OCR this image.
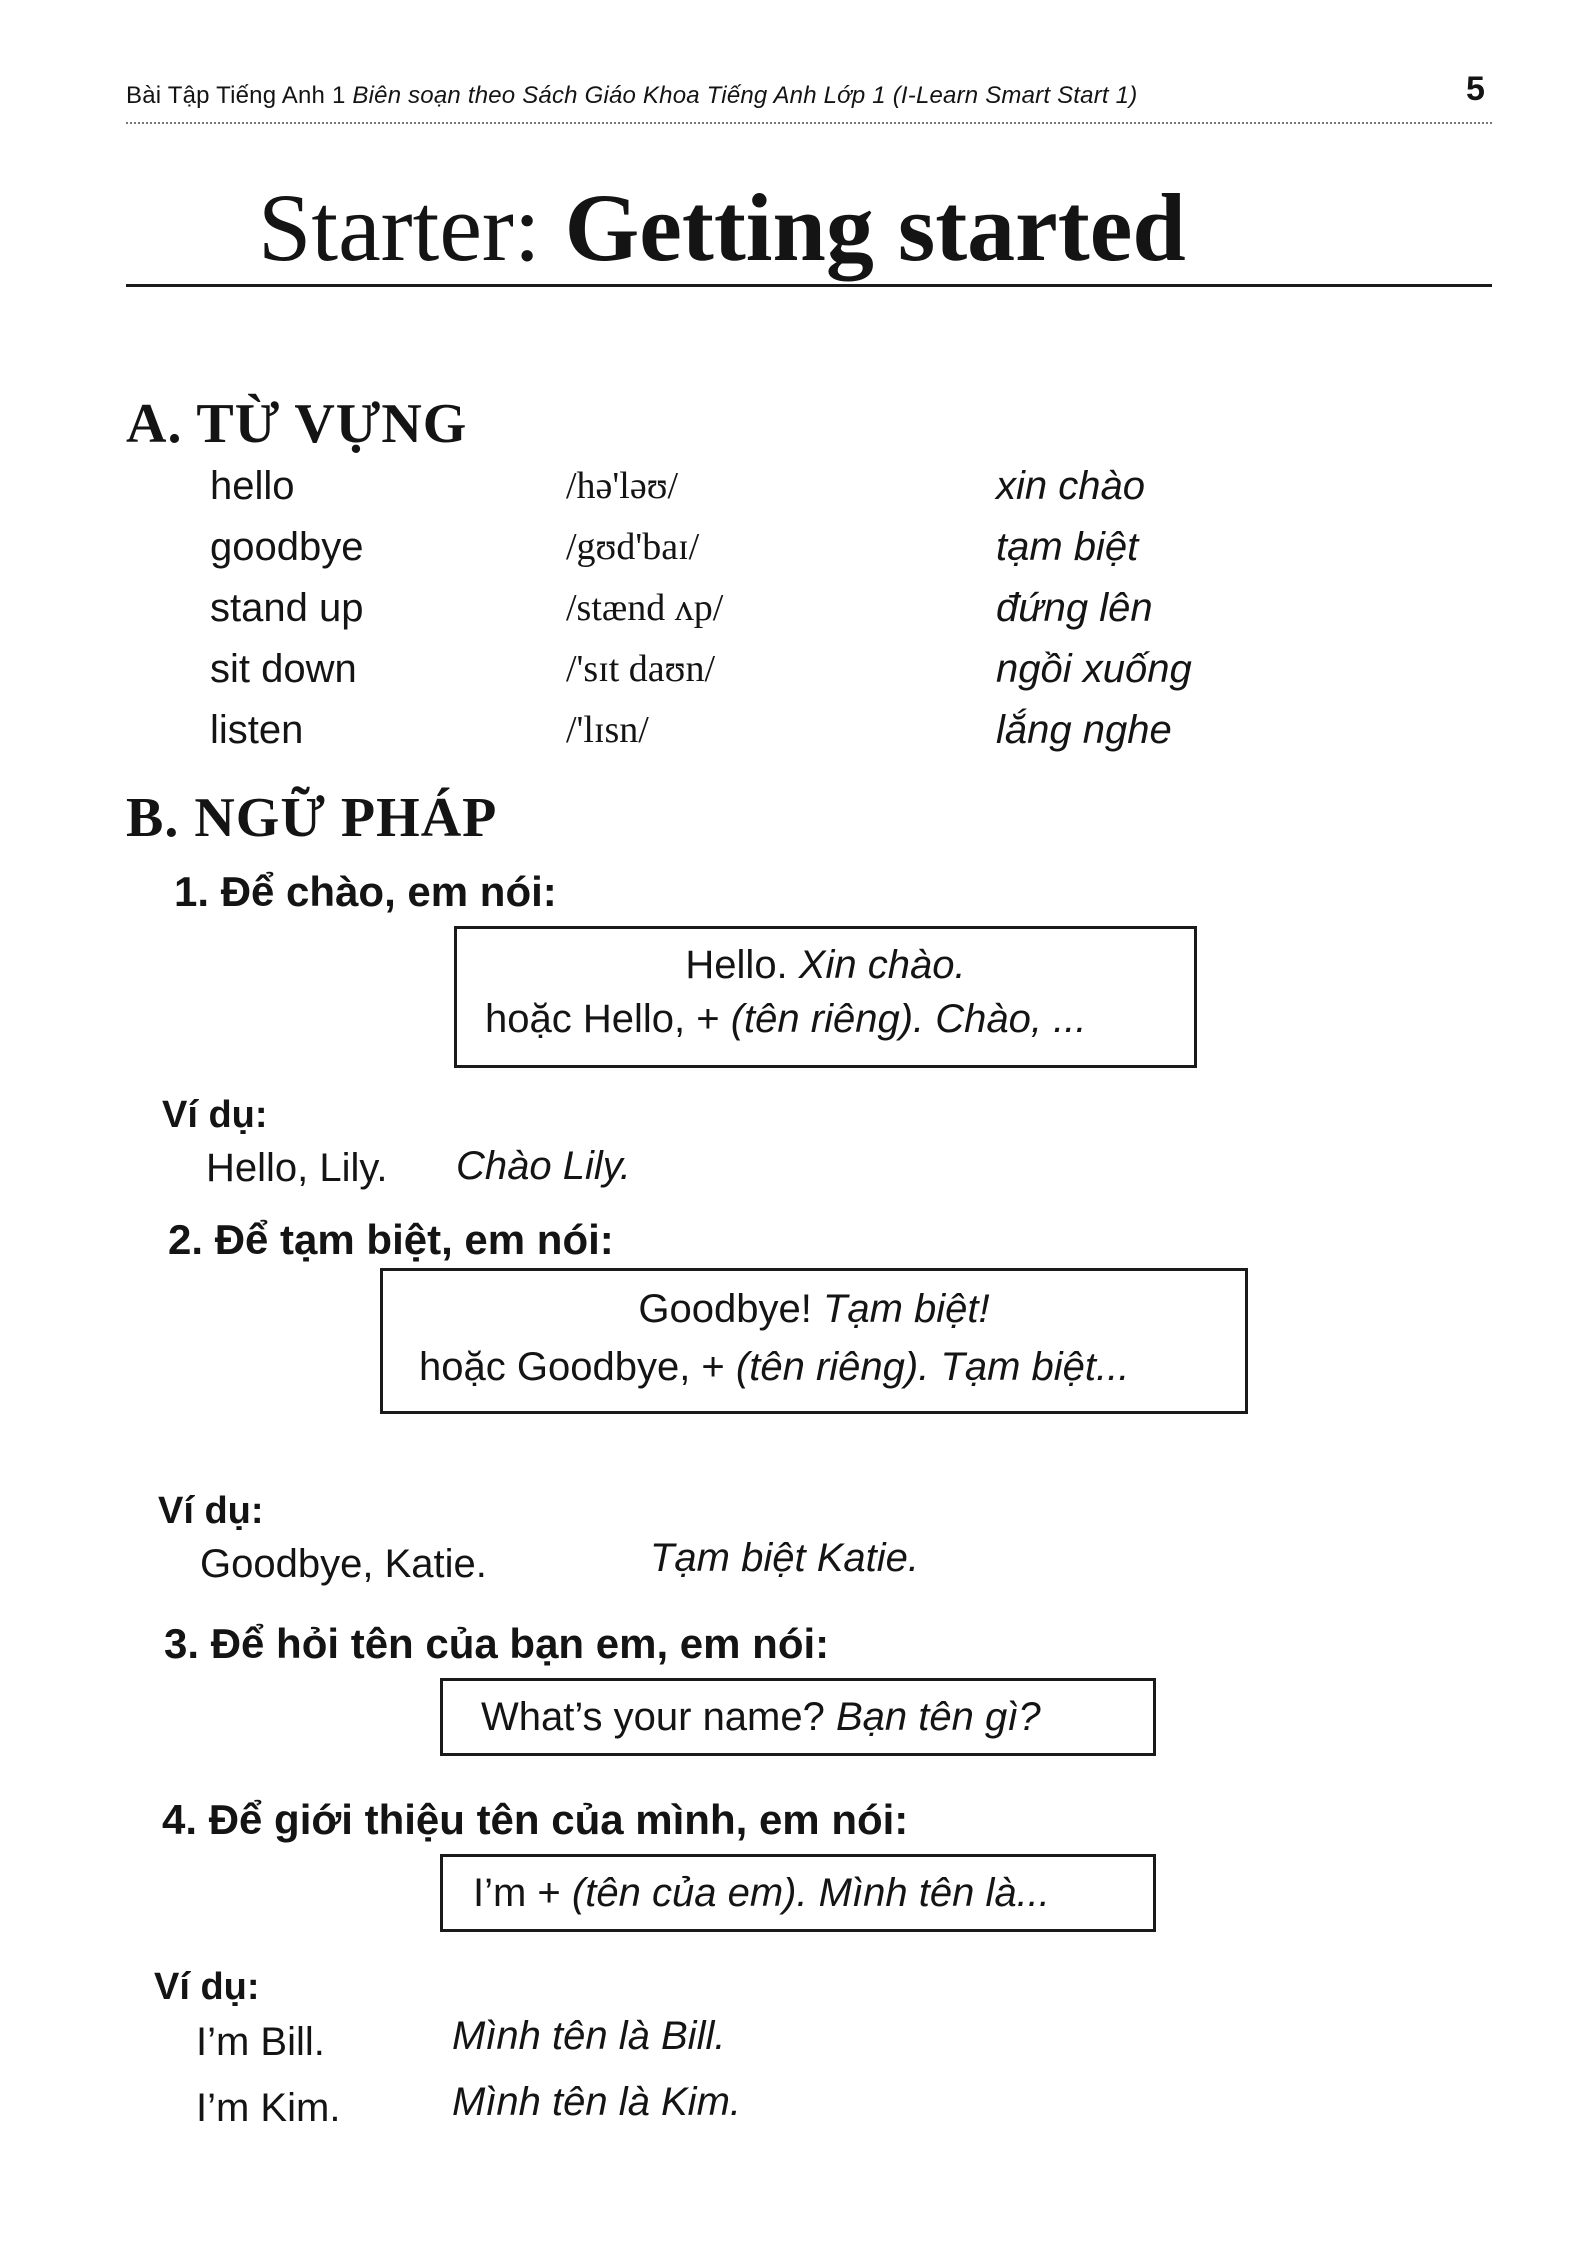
Bài Tập Tiếng Anh 1 Biên soạn theo Sách Giáo Khoa Tiếng Anh Lớp 1 (I-Learn Smart Start 1)	5
Starter: Getting started
A. TỪ VỰNG
hello	/hə'ləʊ/	xin chào
goodbye	/gʊd'baɪ/	tạm biệt
stand up	/stænd ʌp/	đứng lên
sit down	/'sɪt daʊn/	ngồi xuống
listen	/'lɪsn/	lắng nghe
B. NGỮ PHÁP
1. Để chào, em nói:
Hello. Xin chào.
hoặc Hello, + (tên riêng). Chào, ...
Ví dụ:
Hello, Lily. Chào Lily.
2. Để tạm biệt, em nói:
Goodbye! Tạm biệt!
hoặc Goodbye, + (tên riêng). Tạm biệt...
Ví dụ:
Goodbye, Katie.	Tạm biệt Katie.
3. Để hỏi tên của bạn em, em nói:
What’s your name? Bạn tên gì?
4. Để giới thiệu tên của mình, em nói:
I’m + (tên của em). Mình tên là...
Ví dụ:
I’m Bill.	Mình tên là Bill.
I’m Kim.	Mình tên là Kim.
